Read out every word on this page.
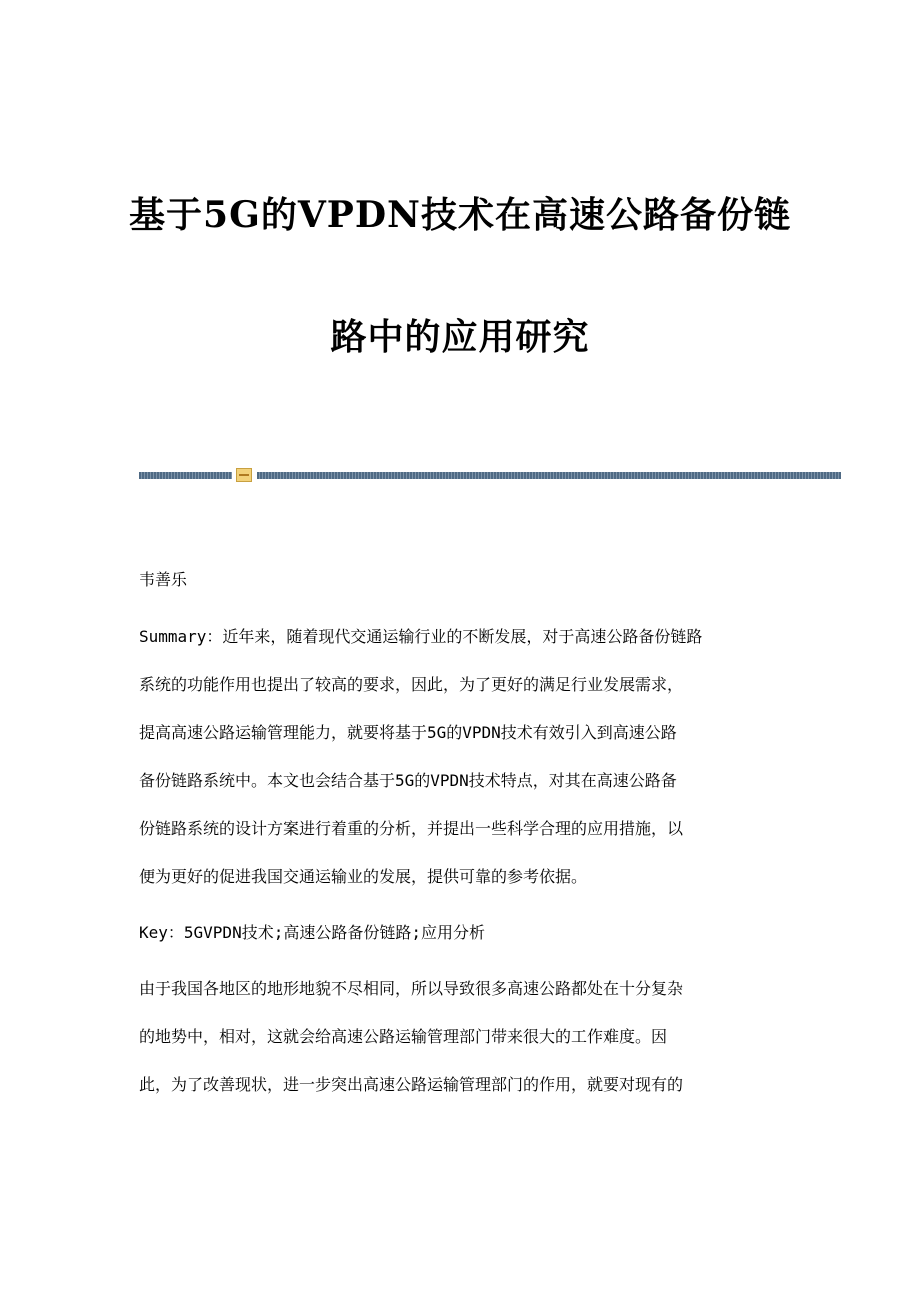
基于5G的VPDN技术在高速公路备份链
路中的应用研究
韦善乐
Summary：近年来，随着现代交通运输行业的不断发展，对于高速公路备份链路
系统的功能作用也提出了较高的要求，因此，为了更好的满足行业发展需求，
提高高速公路运输管理能力，就要将基于5G的VPDN技术有效引入到高速公路
备份链路系统中。本文也会结合基于5G的VPDN技术特点，对其在高速公路备
份链路系统的设计方案进行着重的分析，并提出一些科学合理的应用措施，以
便为更好的促进我国交通运输业的发展，提供可靠的参考依据。
Key：5GVPDN技术;高速公路备份链路;应用分析
由于我国各地区的地形地貌不尽相同，所以导致很多高速公路都处在十分复杂
的地势中，相对，这就会给高速公路运输管理部门带来很大的工作难度。因
此，为了改善现状，进一步突出高速公路运输管理部门的作用，就要对现有的
